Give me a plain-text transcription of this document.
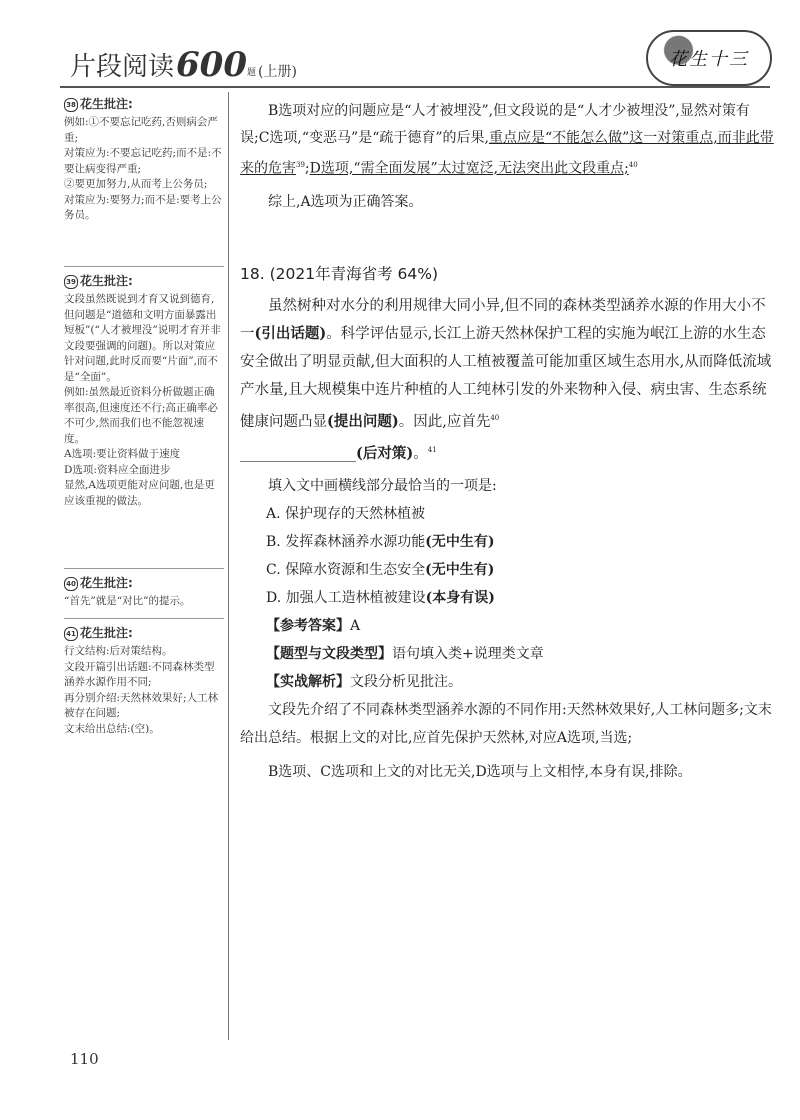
片段阅读 600 题 (上册)
花生十三
38 花生批注:

例如:①不要忘记吃药,否则病会严重;

对策应为:不要忘记吃药;而不是:不要让病变得严重;

②要更加努力,从而考上公务员;

对策应为:要努力;而不是:要考上公务员。

39 花生批注:

文段虽然既说到才育又说到德育,但问题是“道德和文明方面暴露出短板”(“人才被埋没”说明才育并非文段要强调的问题)。所以对策应针对问题,此时反而要“片面”,而不是“全面”。

例如:虽然最近资料分析做题正确率很高,但速度还不行;高正确率必不可少,然而我们也不能忽视速度。

A选项:要让资料做于速度

D选项:资料应全面进步

显然,A选项更能对应问题,也是更应该重视的做法。

40 花生批注:

“首先”就是“对比”的提示。

41 花生批注:

行文结构:后对策结构。

文段开篇引出话题:不同森林类型涵养水源作用不同;

再分别介绍:天然林效果好;人工林被存在问题;

文末给出总结:(空)。

B选项对应的问题应是“人才被埋没”,但文段说的是“人才少被埋没”,显然对策有误;C选项,“变恶马”是“疏于德育”的后果,重点应是“不能怎么做”这一对策重点,而非此带来的危害$^{39}$;D选项,“需全面发展”太过宽泛,无法突出此文段重点;$^{40}$

综上,A选项为正确答案。

18. (2021年青海省考 64%)

虽然树种对水分的利用规律大同小异,但不同的森林类型涵养水源的作用大小不一(引出话题)。科学评估显示,长江上游天然林保护工程的实施为岷江上游的水生态安全做出了明显贡献,但大面积的人工植被覆盖可能加重区域生态用水,从而降低流域产水量,且大规模集中连片种植的人工纯林引发的外来物种入侵、病虫害、生态系统健康问题凸显(提出问题)。因此,应首先$^{40}$
________________(后对策)。$^{41}$

填入文中画横线部分最恰当的一项是:

A. 保护现存的天然林植被

B. 发挥森林涵养水源功能(无中生有)

C. 保障水资源和生态安全(无中生有)

D. 加强人工造林植被建设(本身有误)

【参考答案】A

【题型与文段类型】语句填入类+说理类文章

【实战解析】文段分析见批注。

文段先介绍了不同森林类型涵养水源的不同作用:天然林效果好,人工林问题多;文末给出总结。根据上文的对比,应首先保护天然林,对应A选项,当选;

B选项、C选项和上文的对比无关,D选项与上文相悖,本身有误,排除。

110
